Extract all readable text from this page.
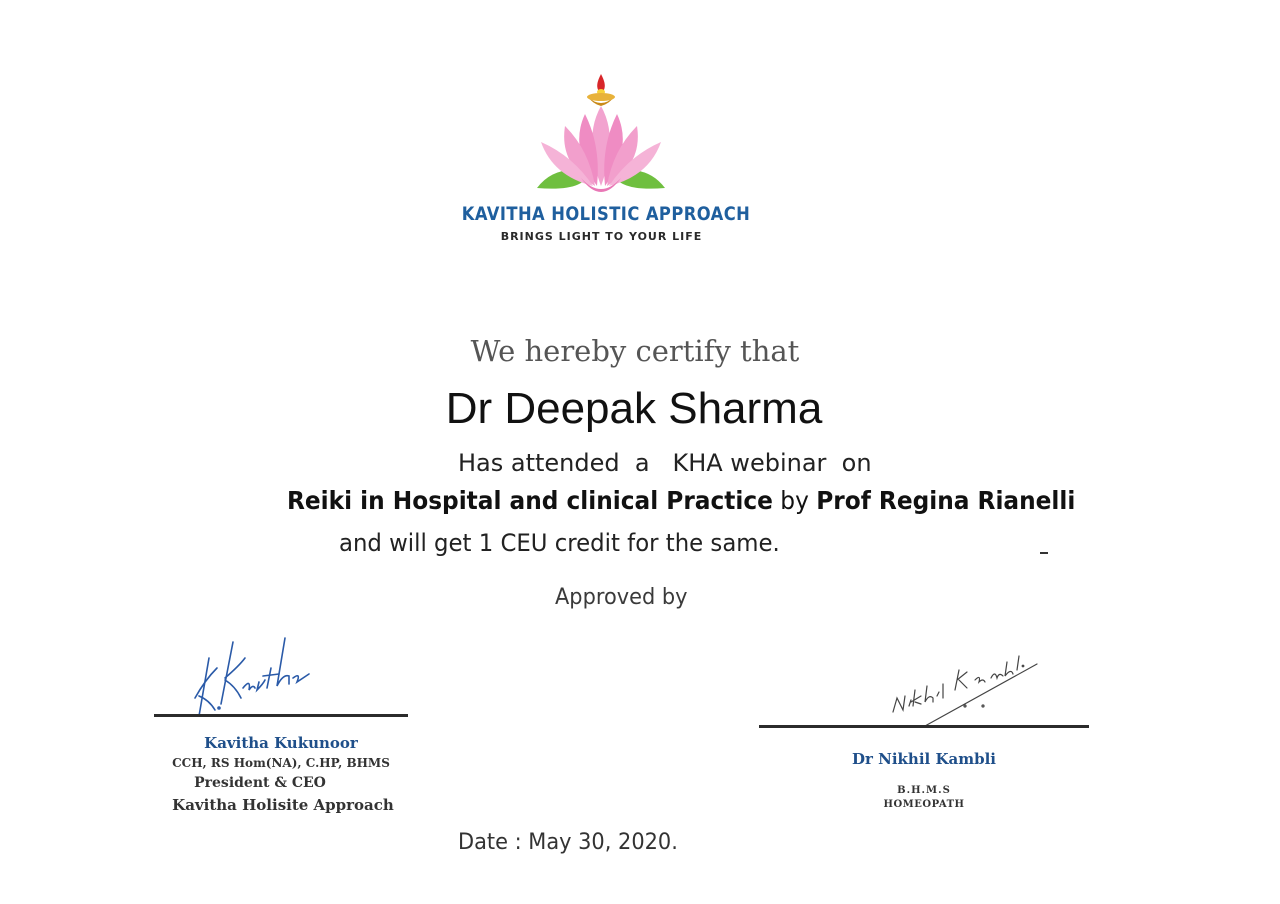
KAVITHA HOLISTIC APPROACH
BRINGS LIGHT TO YOUR LIFE
We hereby certify that
Dr Deepak Sharma
Has attended  a   KHA webinar  on
Reiki in Hospital and clinical Practice by Prof Regina Rianelli
and will get 1 CEU credit for the same.
Approved by
Kavitha Kukunoor
CCH, RS Hom(NA), C.HP, BHMS
President & CEO
Kavitha Holisite Approach
Dr Nikhil Kambli
B.H.M.S
HOMEOPATH
Date : May 30, 2020.
